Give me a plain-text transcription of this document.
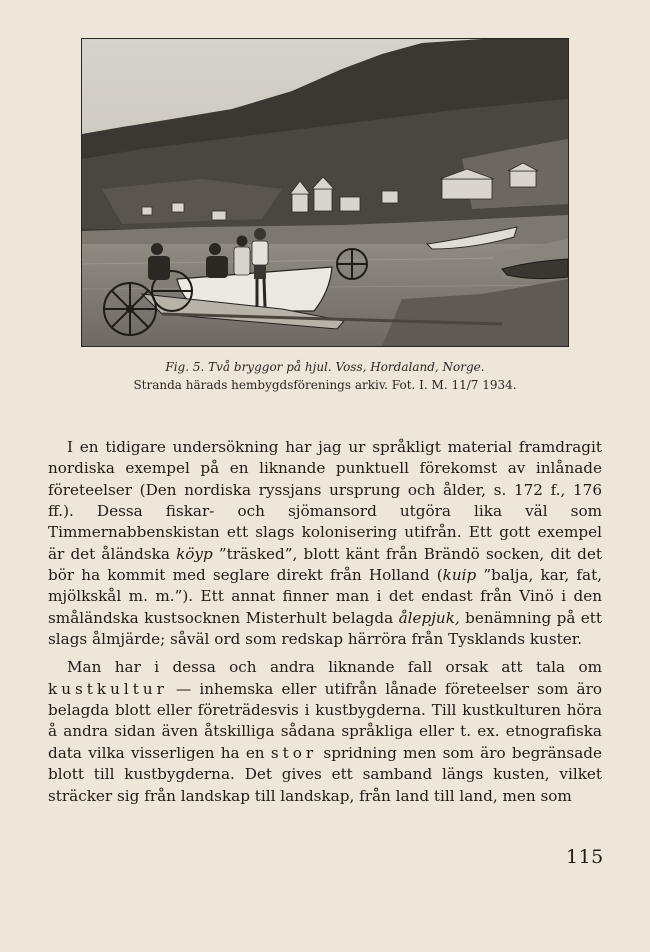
Fig. 5. Två bryggor på hjul. Voss, Hordaland, Norge.
Stranda härads hembygdsförenings arkiv. Fot. I. M. 11/7 1934.

I en tidigare undersökning har jag ur språkligt material framdragit nordiska exempel på en liknande punktuell förekomst av inlånade företeelser (Den nordiska ryssjans ursprung och ålder, s. 172 f., 176 ff.). Dessa fiskar- och sjömansord utgöra lika väl som Timmernabbenskistan ett slags kolonisering utifrån. Ett gott exempel är det åländska köyp ”träsked”, blott känt från Brändö socken, dit det bör ha kommit med seglare direkt från Holland (kuip ”balja, kar, fat, mjölkskål m. m.”). Ett annat finner man i det endast från Vinö i den småländska kustsocknen Misterhult belagda ålepjuk, benämning på ett slags ålmjärde; såväl ord som redskap härröra från Tysklands kuster.

Man har i dessa och andra liknande fall orsak att tala om kustkultur — inhemska eller utifrån lånade företeelser som äro belagda blott eller företrädesvis i kustbygderna. Till kustkulturen höra å andra sidan även åtskilliga sådana språkliga eller t. ex. etnografiska data vilka visserligen ha en stor spridning men som äro begränsade blott till kustbygderna. Det gives ett samband längs kusten, vilket sträcker sig från landskap till landskap, från land till land, men som

115
